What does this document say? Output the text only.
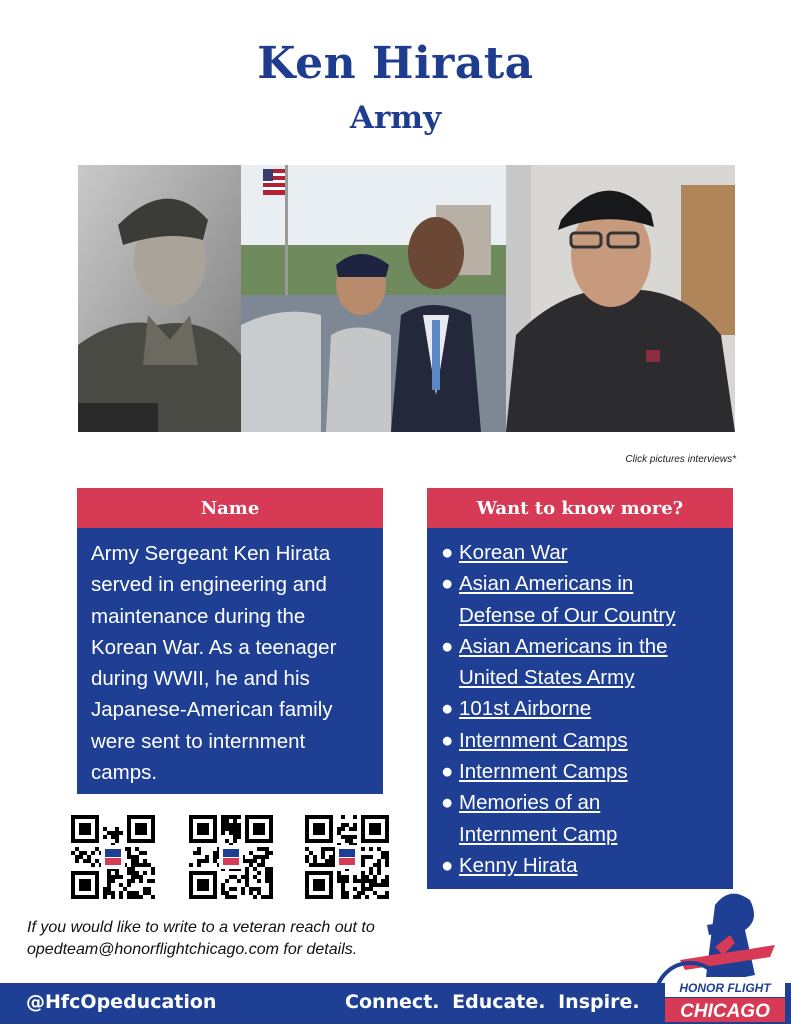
Ken Hirata
Army
Click pictures interviews*
Name
Army Sergeant Ken Hirata
served in engineering and
maintenance during the
Korean War. As a teenager
during WWII, he and his
Japanese-American family
were sent to internment
camps.
Want to know more?
● Korean War
● Asian Americans in
Defense of Our Country
● Asian Americans in the
United States Army
● 101st Airborne
● Internment Camps
● Internment Camps
● Memories of an
Internment Camp
● Kenny Hirata
If you would like to write to a veteran reach out to
opedteam@honorflightchicago.com for details.
@HfcOpeducation	Connect. Educate. Inspire.
HONOR FLIGHT
CHICAGO
